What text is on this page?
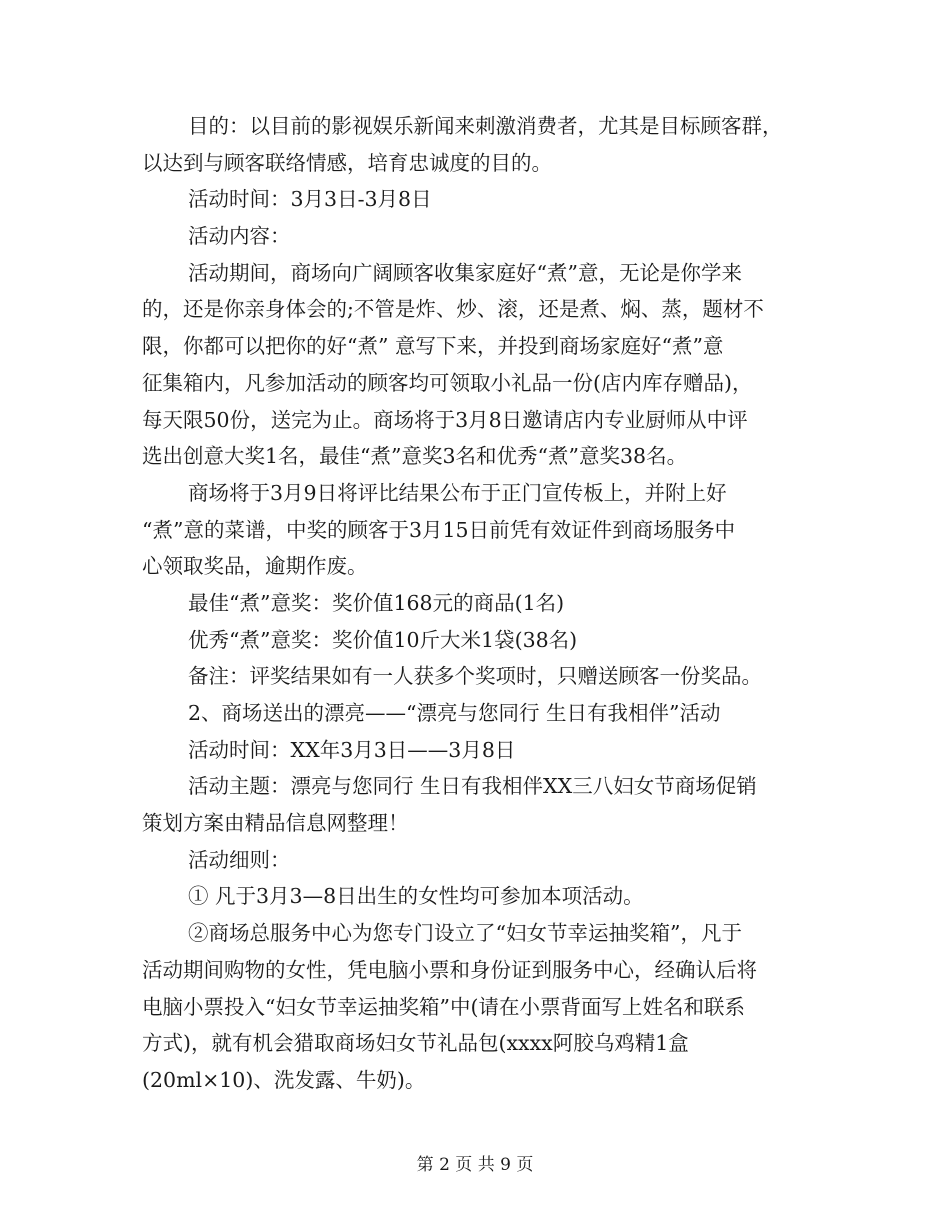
目的：以目前的影视娱乐新闻来刺激消费者，尤其是目标顾客群，
以达到与顾客联络情感，培育忠诚度的目的。
活动时间：3月3日-3月8日
活动内容：
活动期间，商场向广阔顾客收集家庭好“煮”意，无论是你学来
的，还是你亲身体会的;不管是炸、炒、滚，还是煮、焖、蒸，题材不
限，你都可以把你的好“煮” 意写下来，并投到商场家庭好“煮”意
征集箱内，凡参加活动的顾客均可领取小礼品一份(店内库存赠品)，
每天限50份，送完为止。商场将于3月8日邀请店内专业厨师从中评
选出创意大奖1名，最佳“煮”意奖3名和优秀“煮”意奖38名。
商场将于3月9日将评比结果公布于正门宣传板上，并附上好
“煮”意的菜谱，中奖的顾客于3月15日前凭有效证件到商场服务中
心领取奖品，逾期作废。
最佳“煮”意奖：奖价值168元的商品(1名)
优秀“煮”意奖：奖价值10斤大米1袋(38名)
备注：评奖结果如有一人获多个奖项时，只赠送顾客一份奖品。
2、商场送出的漂亮——“漂亮与您同行 生日有我相伴”活动
活动时间：XX年3月3日——3月8日
活动主题：漂亮与您同行 生日有我相伴XX三八妇女节商场促销
策划方案由精品信息网整理！
活动细则：
① 凡于3月3—8日出生的女性均可参加本项活动。
②商场总服务中心为您专门设立了“妇女节幸运抽奖箱”，凡于
活动期间购物的女性，凭电脑小票和身份证到服务中心，经确认后将
电脑小票投入“妇女节幸运抽奖箱”中(请在小票背面写上姓名和联系
方式)，就有机会猎取商场妇女节礼品包(xxxx阿胶乌鸡精1盒
(20ml×10)、洗发露、牛奶)。
第 2 页 共 9 页
